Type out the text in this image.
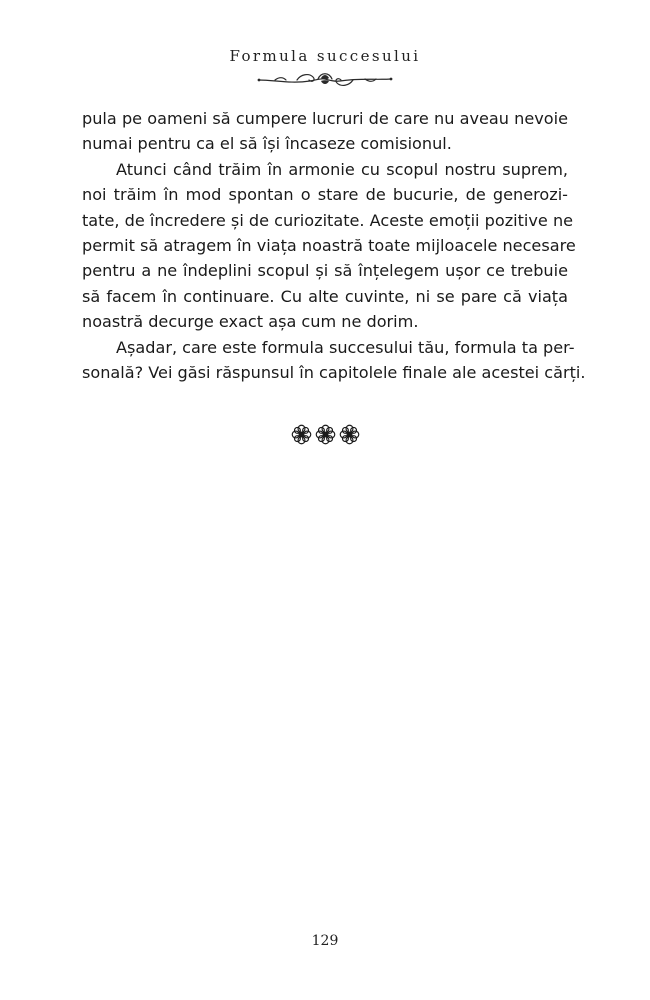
Formula succesului
pula pe oameni să cumpere lucruri de care nu aveau nevoie
numai pentru ca el să își încaseze comisionul.
Atunci când trăim în armonie cu scopul nostru suprem,
noi trăim în mod spontan o stare de bucurie, de generozi-
tate, de încredere și de curiozitate. Aceste emoții pozitive ne
permit să atragem în viața noastră toate mijloacele necesare
pentru a ne îndeplini scopul și să înțelegem ușor ce trebuie
să facem în continuare. Cu alte cuvinte, ni se pare că viața
noastră decurge exact așa cum ne dorim.
Așadar, care este formula succesului tău, formula ta per-
sonală? Vei găsi răspunsul în capitolele finale ale acestei cărți.
129
